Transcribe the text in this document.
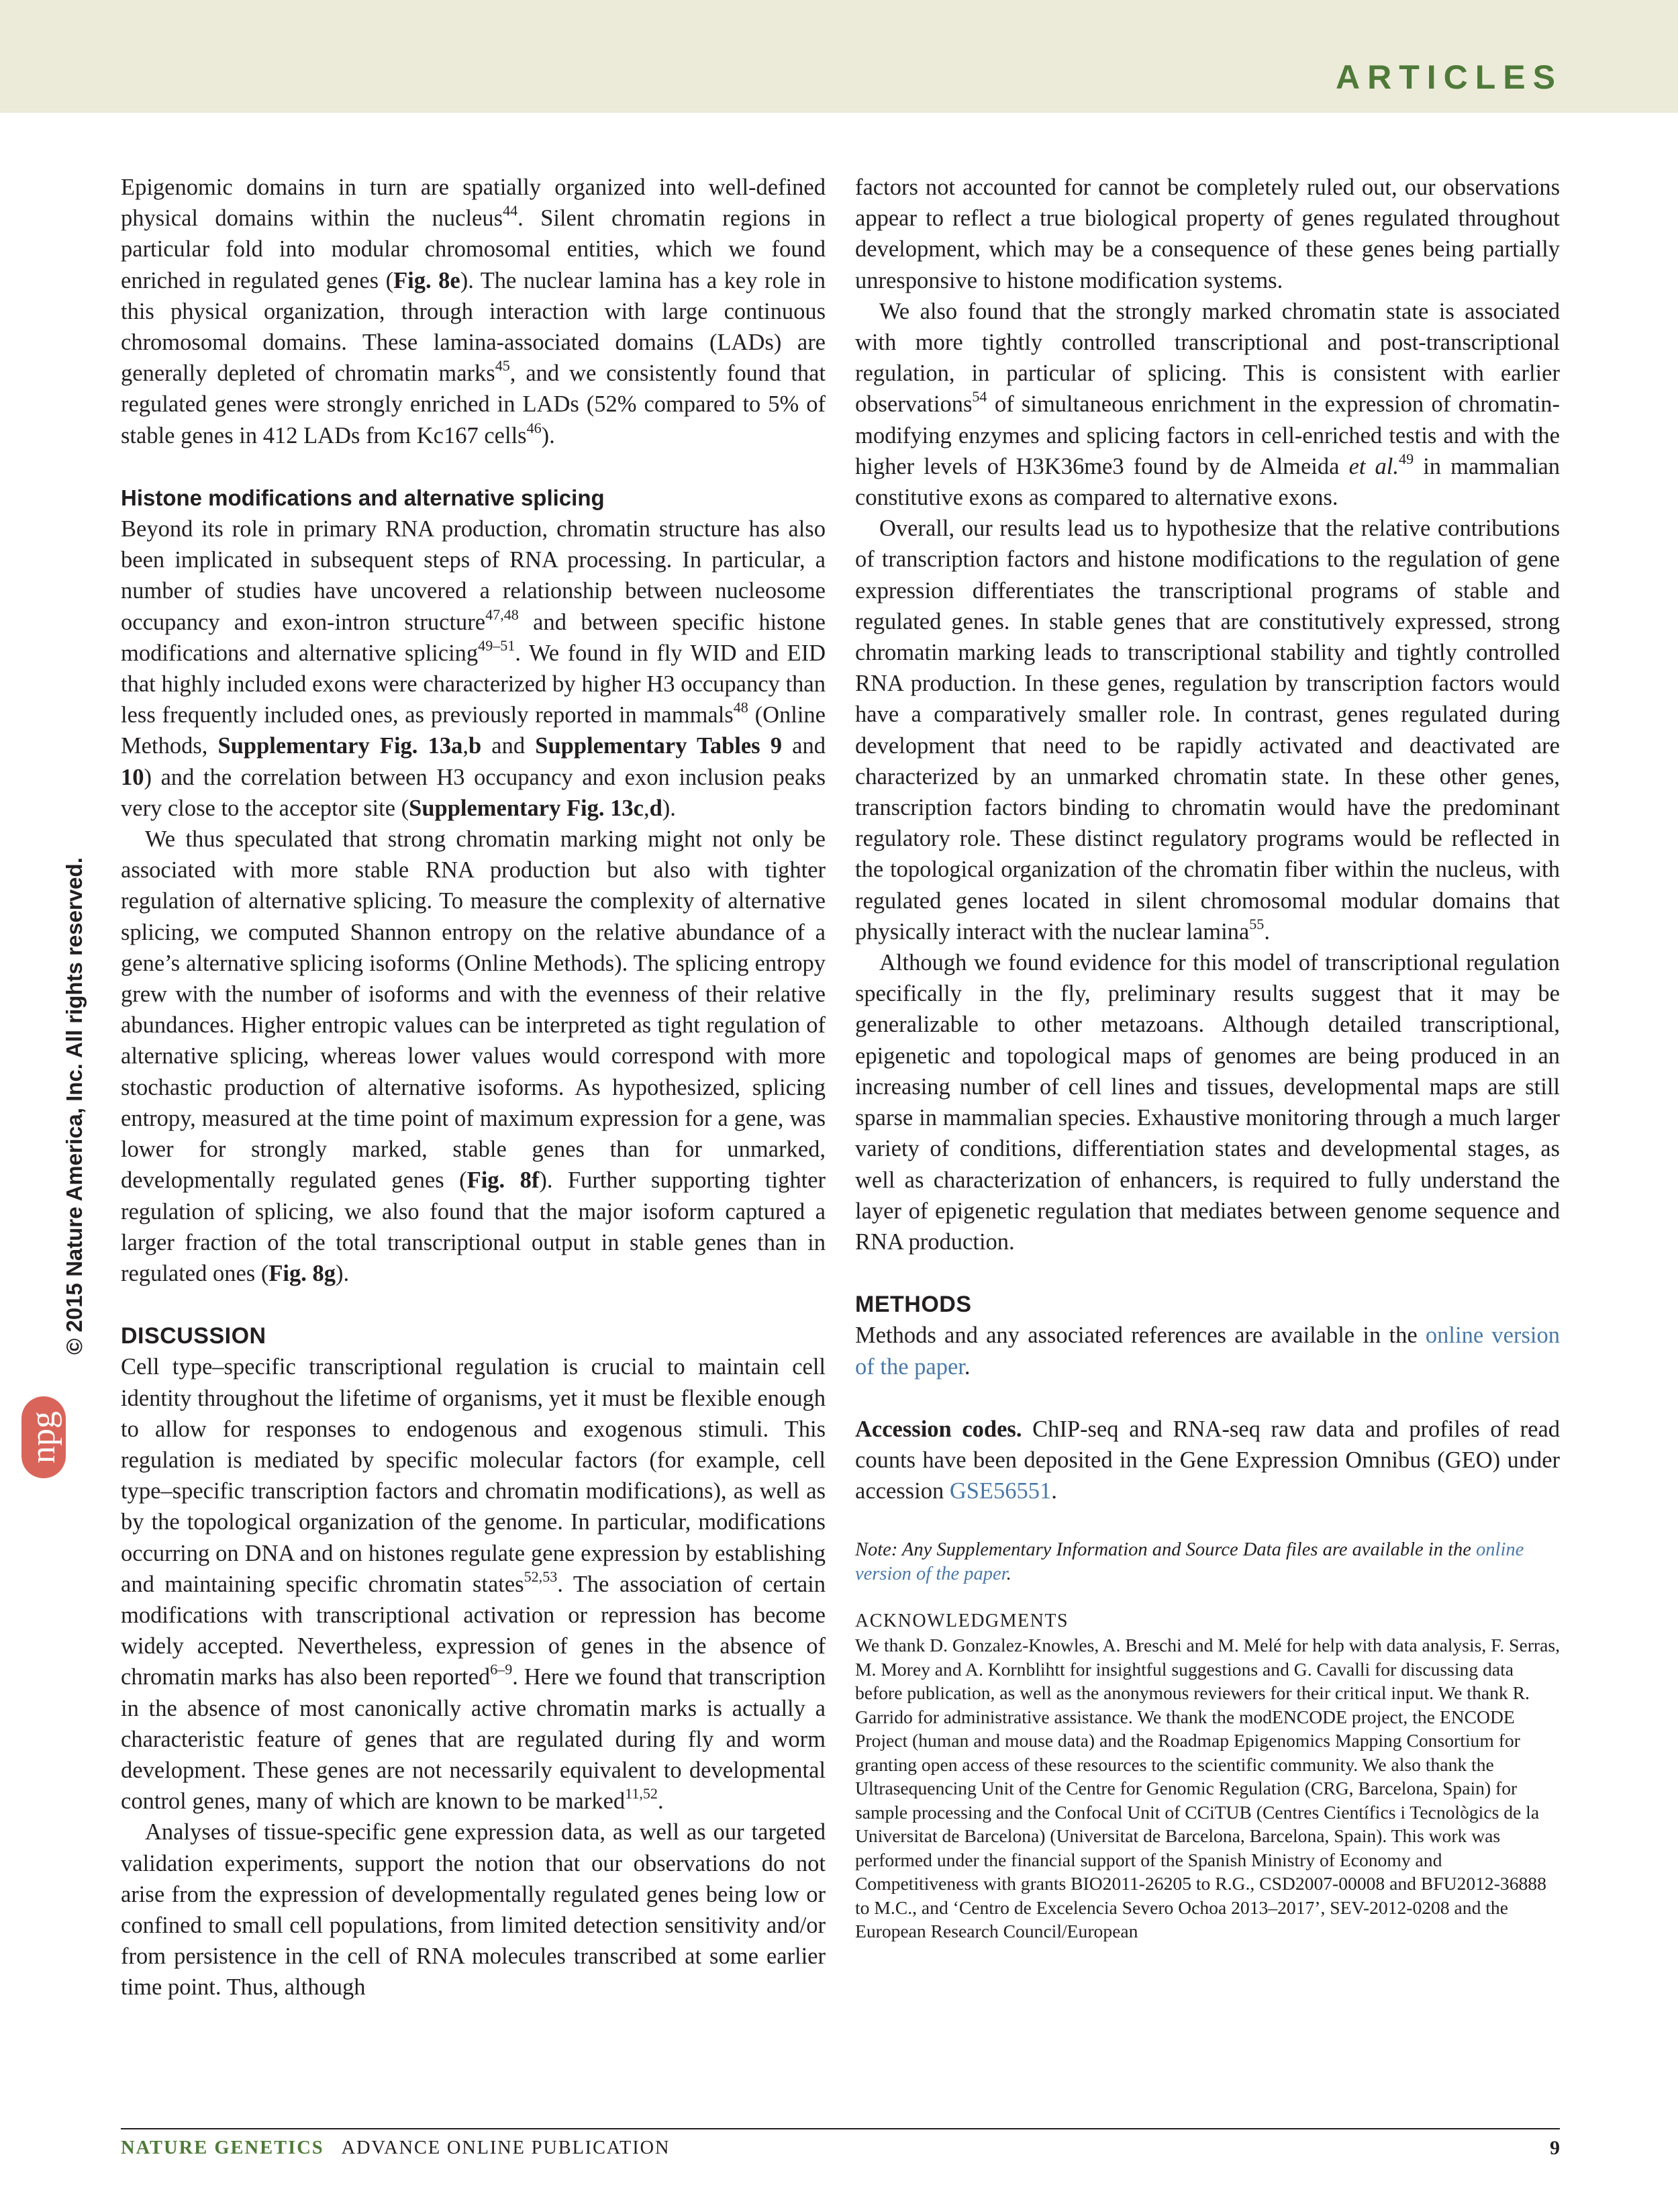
ARTICLES
© 2015 Nature America, Inc. All rights reserved.
npg

Epigenomic domains in turn are spatially organized into well-defined physical domains within the nucleus$^{44}$. Silent chromatin regions in particular fold into modular chromosomal entities, which we found enriched in regulated genes (Fig. 8e). The nuclear lamina has a key role in this physical organization, through interaction with large continuous chromosomal domains. These lamina-associated domains (LADs) are generally depleted of chromatin marks$^{45}$, and we consistently found that regulated genes were strongly enriched in LADs (52% compared to 5% of stable genes in 412 LADs from Kc167 cells$^{46}$).

Histone modifications and alternative splicing

Beyond its role in primary RNA production, chromatin structure has also been implicated in subsequent steps of RNA processing. In particular, a number of studies have uncovered a relationship between nucleosome occupancy and exon-intron structure$^{47,48}$ and between specific histone modifications and alternative splicing$^{49-51}$. We found in fly WID and EID that highly included exons were characterized by higher H3 occupancy than less frequently included ones, as previously reported in mammals$^{48}$ (Online Methods, Supplementary Fig. 13a,b and Supplementary Tables 9 and 10) and the correlation between H3 occupancy and exon inclusion peaks very close to the acceptor site (Supplementary Fig. 13c,d).

We thus speculated that strong chromatin marking might not only be associated with more stable RNA production but also with tighter regulation of alternative splicing. To measure the complexity of alternative splicing, we computed Shannon entropy on the relative abundance of a gene’s alternative splicing isoforms (Online Methods). The splicing entropy grew with the number of isoforms and with the evenness of their relative abundances. Higher entropic values can be interpreted as tight regulation of alternative splicing, whereas lower values would correspond with more stochastic production of alternative isoforms. As hypothesized, splicing entropy, measured at the time point of maximum expression for a gene, was lower for strongly marked, stable genes than for unmarked, developmentally regulated genes (Fig. 8f). Further supporting tighter regulation of splicing, we also found that the major isoform captured a larger fraction of the total transcriptional output in stable genes than in regulated ones (Fig. 8g).

DISCUSSION

Cell type–specific transcriptional regulation is crucial to maintain cell identity throughout the lifetime of organisms, yet it must be flexible enough to allow for responses to endogenous and exogenous stimuli. This regulation is mediated by specific molecular factors (for example, cell type–specific transcription factors and chromatin modifications), as well as by the topological organization of the genome. In particular, modifications occurring on DNA and on histones regulate gene expression by establishing and maintaining specific chromatin states$^{52,53}$. The association of certain modifications with transcriptional activation or repression has become widely accepted. Nevertheless, expression of genes in the absence of chromatin marks has also been reported$^{6-9}$. Here we found that transcription in the absence of most canonically active chromatin marks is actually a characteristic feature of genes that are regulated during fly and worm development. These genes are not necessarily equivalent to developmental control genes, many of which are known to be marked$^{11,52}$.

Analyses of tissue-specific gene expression data, as well as our targeted validation experiments, support the notion that our observations do not arise from the expression of developmentally regulated genes being low or confined to small cell populations, from limited detection sensitivity and/or from persistence in the cell of RNA molecules transcribed at some earlier time point. Thus, although

factors not accounted for cannot be completely ruled out, our observations appear to reflect a true biological property of genes regulated throughout development, which may be a consequence of these genes being partially unresponsive to histone modification systems.

We also found that the strongly marked chromatin state is associated with more tightly controlled transcriptional and post-transcriptional regulation, in particular of splicing. This is consistent with earlier observations$^{54}$ of simultaneous enrichment in the expression of chromatin-modifying enzymes and splicing factors in cell-enriched testis and with the higher levels of H3K36me3 found by de Almeida et al.$^{49}$ in mammalian constitutive exons as compared to alternative exons.

Overall, our results lead us to hypothesize that the relative contributions of transcription factors and histone modifications to the regulation of gene expression differentiates the transcriptional programs of stable and regulated genes. In stable genes that are constitutively expressed, strong chromatin marking leads to transcriptional stability and tightly controlled RNA production. In these genes, regulation by transcription factors would have a comparatively smaller role. In contrast, genes regulated during development that need to be rapidly activated and deactivated are characterized by an unmarked chromatin state. In these other genes, transcription factors binding to chromatin would have the predominant regulatory role. These distinct regulatory programs would be reflected in the topological organization of the chromatin fiber within the nucleus, with regulated genes located in silent chromosomal modular domains that physically interact with the nuclear lamina$^{55}$.

Although we found evidence for this model of transcriptional regulation specifically in the fly, preliminary results suggest that it may be generalizable to other metazoans. Although detailed transcriptional, epigenetic and topological maps of genomes are being produced in an increasing number of cell lines and tissues, developmental maps are still sparse in mammalian species. Exhaustive monitoring through a much larger variety of conditions, differentiation states and developmental stages, as well as characterization of enhancers, is required to fully understand the layer of epigenetic regulation that mediates between genome sequence and RNA production.

METHODS

Methods and any associated references are available in the online version of the paper.

Accession codes. ChIP-seq and RNA-seq raw data and profiles of read counts have been deposited in the Gene Expression Omnibus (GEO) under accession GSE56551.

Note: Any Supplementary Information and Source Data files are available in the online version of the paper.

ACKNOWLEDGMENTS

We thank D. Gonzalez-Knowles, A. Breschi and M. Melé for help with data analysis, F. Serras, M. Morey and A. Kornblihtt for insightful suggestions and G. Cavalli for discussing data before publication, as well as the anonymous reviewers for their critical input. We thank R. Garrido for administrative assistance. We thank the modENCODE project, the ENCODE Project (human and mouse data) and the Roadmap Epigenomics Mapping Consortium for granting open access of these resources to the scientific community. We also thank the Ultrasequencing Unit of the Centre for Genomic Regulation (CRG, Barcelona, Spain) for sample processing and the Confocal Unit of CCiTUB (Centres Científics i Tecnològics de la Universitat de Barcelona) (Universitat de Barcelona, Barcelona, Spain). This work was performed under the financial support of the Spanish Ministry of Economy and Competitiveness with grants BIO2011-26205 to R.G., CSD2007-00008 and BFU2012-36888 to M.C., and ‘Centro de Excelencia Severo Ochoa 2013–2017’, SEV-2012-0208 and the European Research Council/European

NATURE GENETICS ADVANCE ONLINE PUBLICATION	9
